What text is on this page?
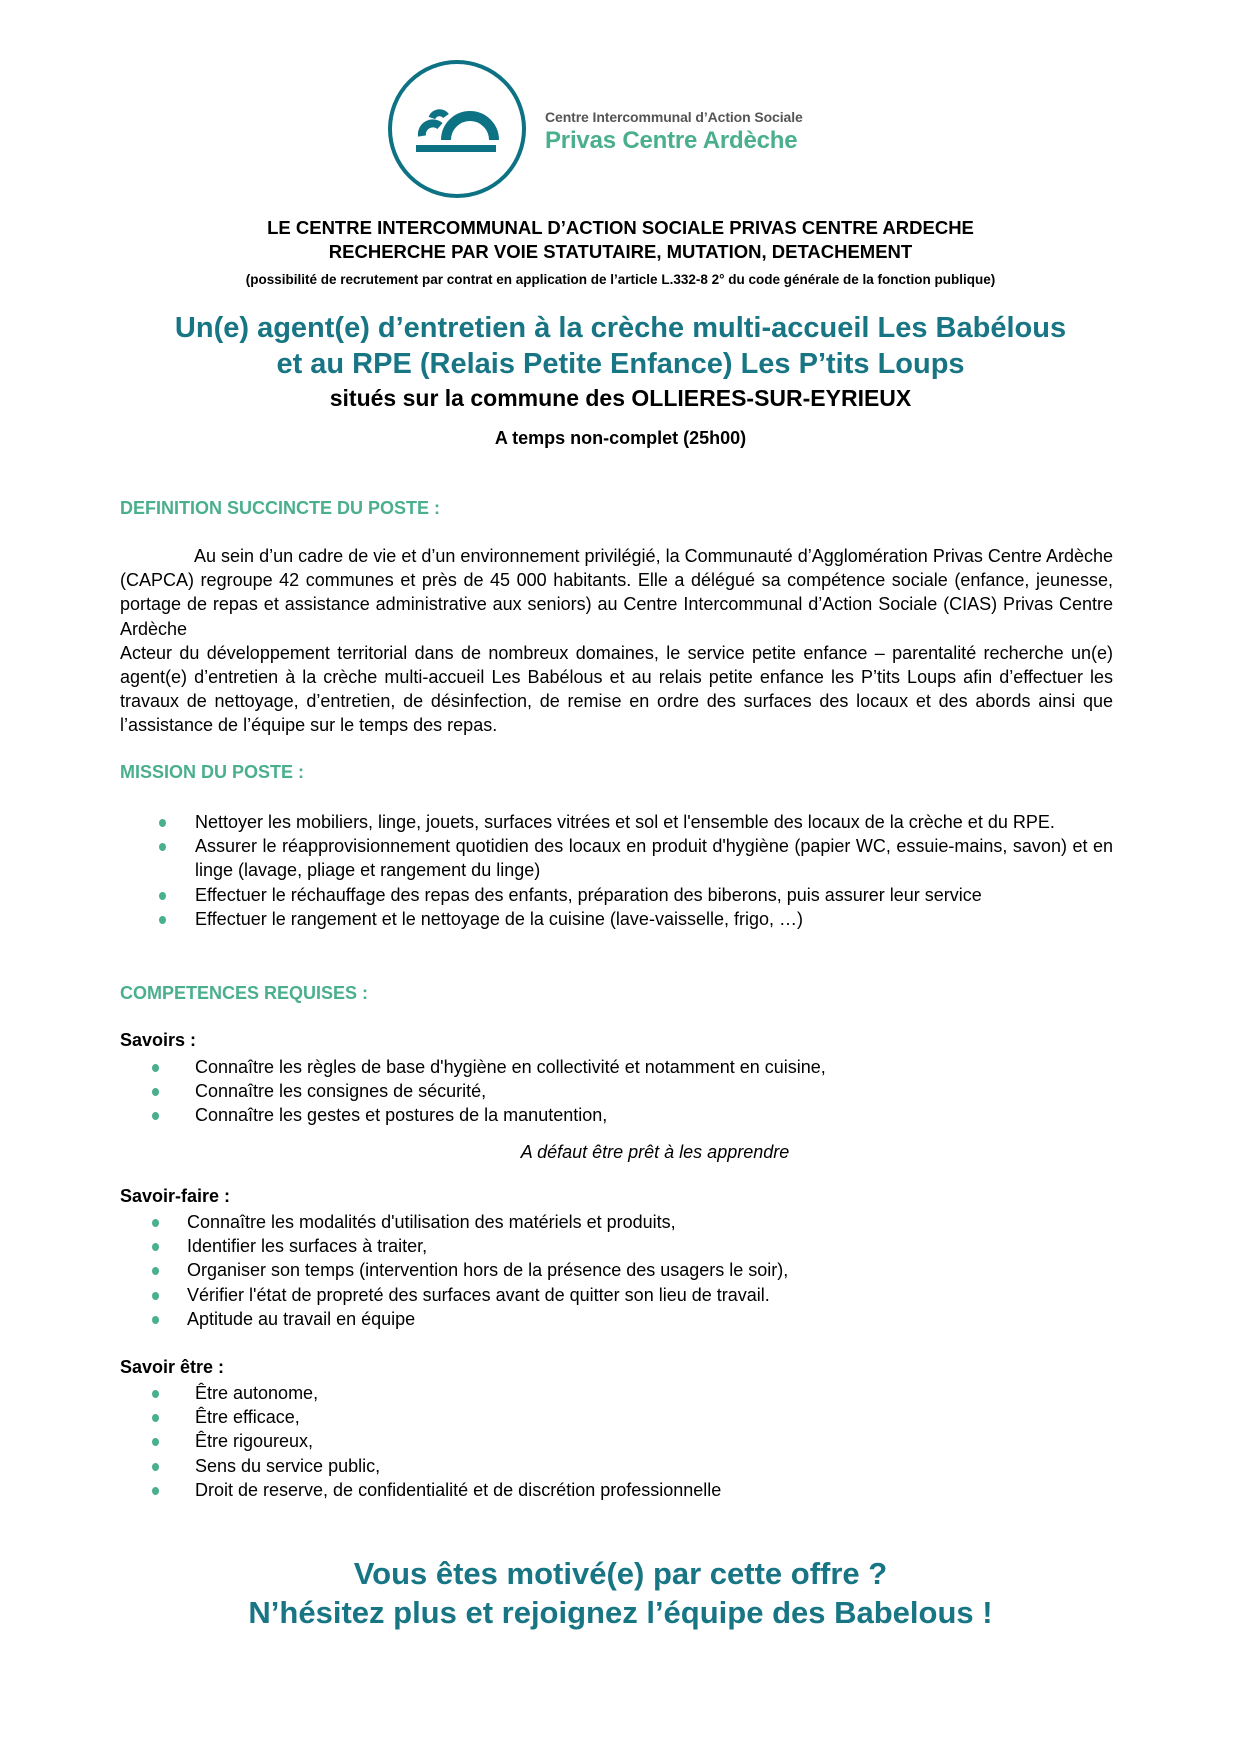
Centre Intercommunal d’Action Sociale
Privas Centre Ardèche
LE CENTRE INTERCOMMUNAL D’ACTION SOCIALE PRIVAS CENTRE ARDECHE
RECHERCHE PAR VOIE STATUTAIRE, MUTATION, DETACHEMENT
(possibilité de recrutement par contrat en application de l’article L.332-8 2° du code générale de la fonction publique)
Un(e) agent(e) d’entretien à la crèche multi-accueil Les Babélous
et au RPE (Relais Petite Enfance) Les P’tits Loups
situés sur la commune des OLLIERES-SUR-EYRIEUX
A temps non-complet (25h00)
DEFINITION SUCCINCTE DU POSTE :

Au sein d’un cadre de vie et d’un environnement privilégié, la Communauté d’Agglomération Privas Centre Ardèche (CAPCA) regroupe 42 communes et près de 45 000 habitants. Elle a délégué sa compétence sociale (enfance, jeunesse, portage de repas et assistance administrative aux seniors) au Centre Intercommunal d’Action Sociale (CIAS) Privas Centre Ardèche

Acteur du développement territorial dans de nombreux domaines, le service petite enfance – parentalité recherche un(e) agent(e) d’entretien à la crèche multi-accueil Les Babélous et au relais petite enfance les P’tits Loups afin d’effectuer les travaux de nettoyage, d’entretien, de désinfection, de remise en ordre des surfaces des locaux et des abords ainsi que l’assistance de l’équipe sur le temps des repas.

MISSION DU POSTE :
Nettoyer les mobiliers, linge, jouets, surfaces vitrées et sol et l'ensemble des locaux de la crèche et du RPE.
Assurer le réapprovisionnement quotidien des locaux en produit d'hygiène (papier WC, essuie-mains, savon) et en linge (lavage, pliage et rangement du linge)
Effectuer le réchauffage des repas des enfants, préparation des biberons, puis assurer leur service
Effectuer le rangement et le nettoyage de la cuisine (lave-vaisselle, frigo, …)
COMPETENCES REQUISES :
Savoirs :
Connaître les règles de base d'hygiène en collectivité et notamment en cuisine,
Connaître les consignes de sécurité,
Connaître les gestes et postures de la manutention,
A défaut être prêt à les apprendre
Savoir-faire :
Connaître les modalités d'utilisation des matériels et produits,
Identifier les surfaces à traiter,
Organiser son temps (intervention hors de la présence des usagers le soir),
Vérifier l'état de propreté des surfaces avant de quitter son lieu de travail.
Aptitude au travail en équipe
Savoir être :
Être autonome,
Être efficace,
Être rigoureux,
Sens du service public,
Droit de reserve, de confidentialité et de discrétion professionnelle
Vous êtes motivé(e) par cette offre ?
N’hésitez plus et rejoignez l’équipe des Babelous !
